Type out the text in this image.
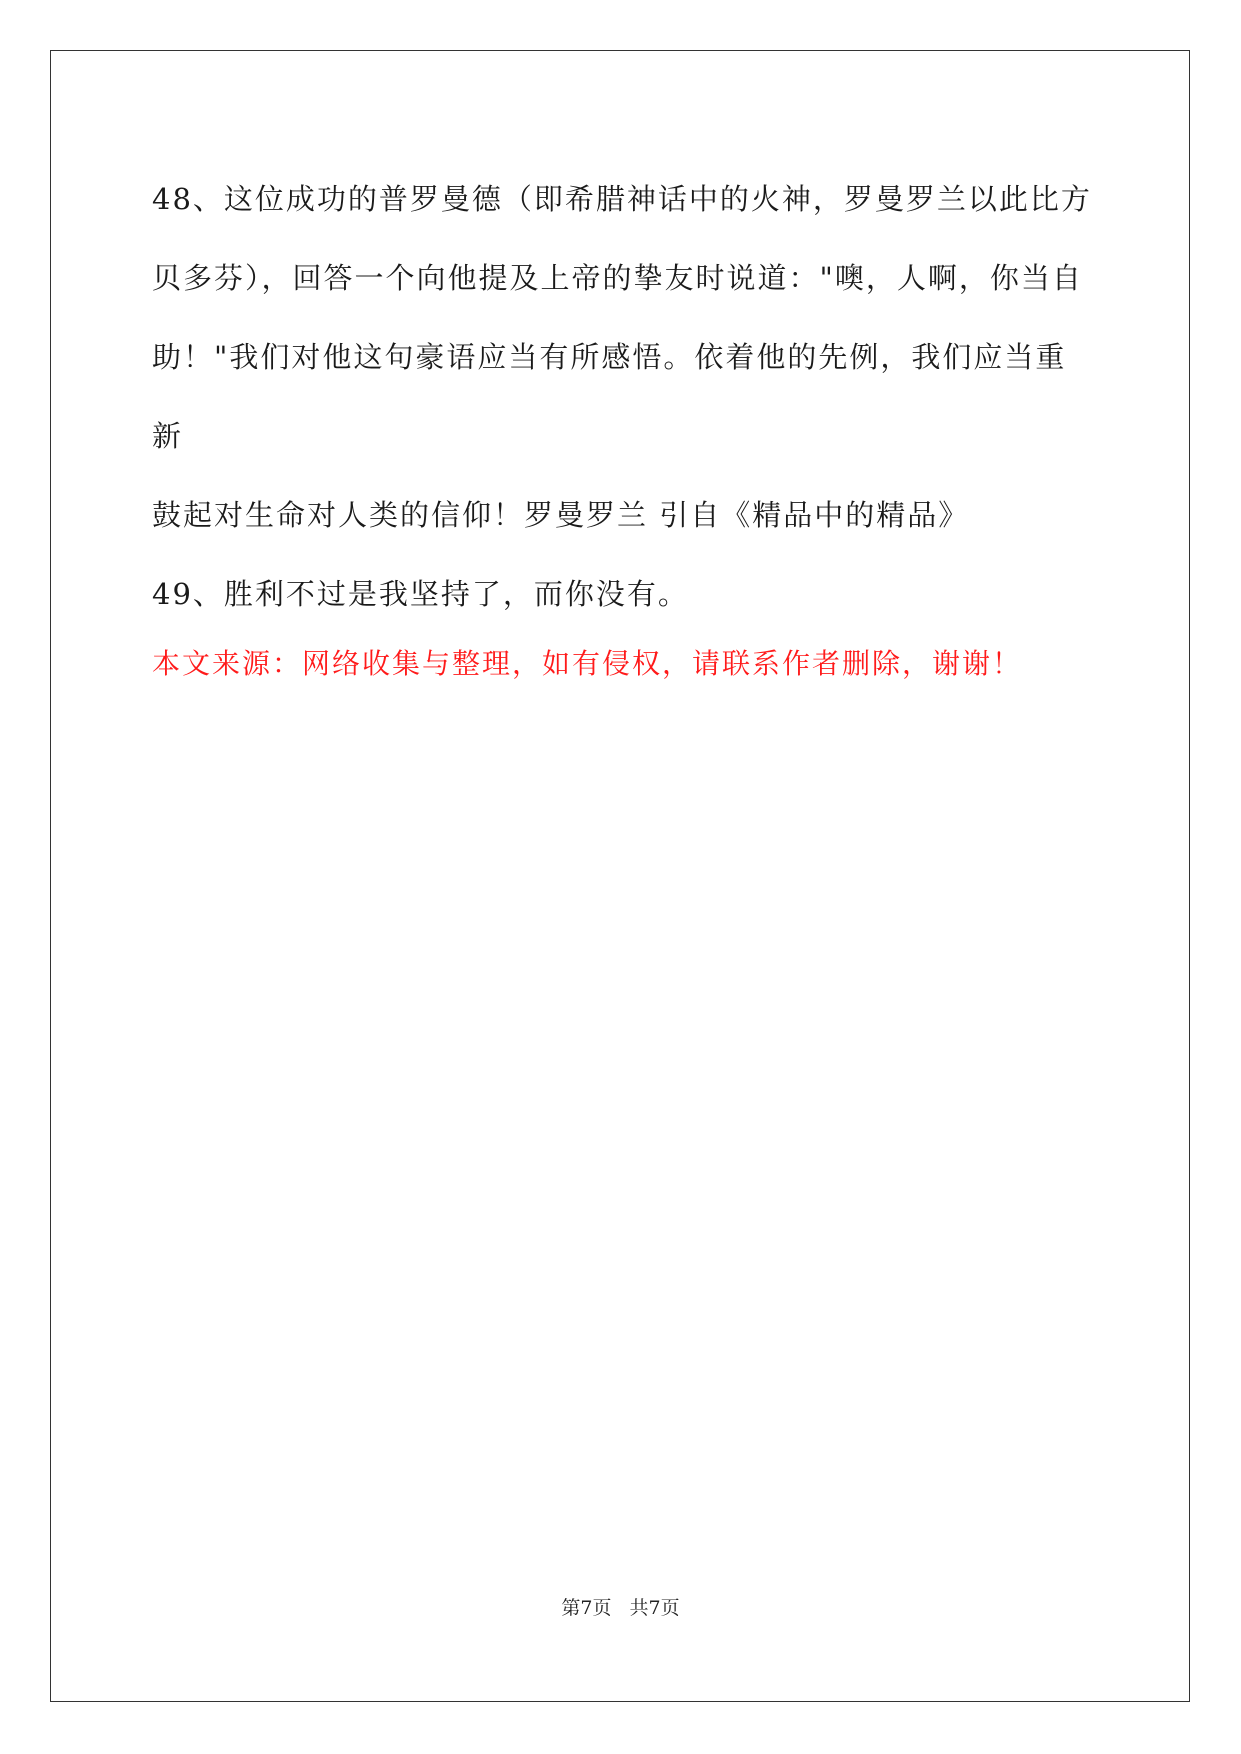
48、这位成功的普罗曼德（即希腊神话中的火神，罗曼罗兰以此比方

贝多芬），回答一个向他提及上帝的挚友时说道："噢，人啊，你当自

助！"我们对他这句豪语应当有所感悟。依着他的先例，我们应当重新

鼓起对生命对人类的信仰！罗曼罗兰 引自《精品中的精品》

49、胜利不过是我坚持了，而你没有。

本文来源：网络收集与整理，如有侵权，请联系作者删除，谢谢！

第7页 共7页
